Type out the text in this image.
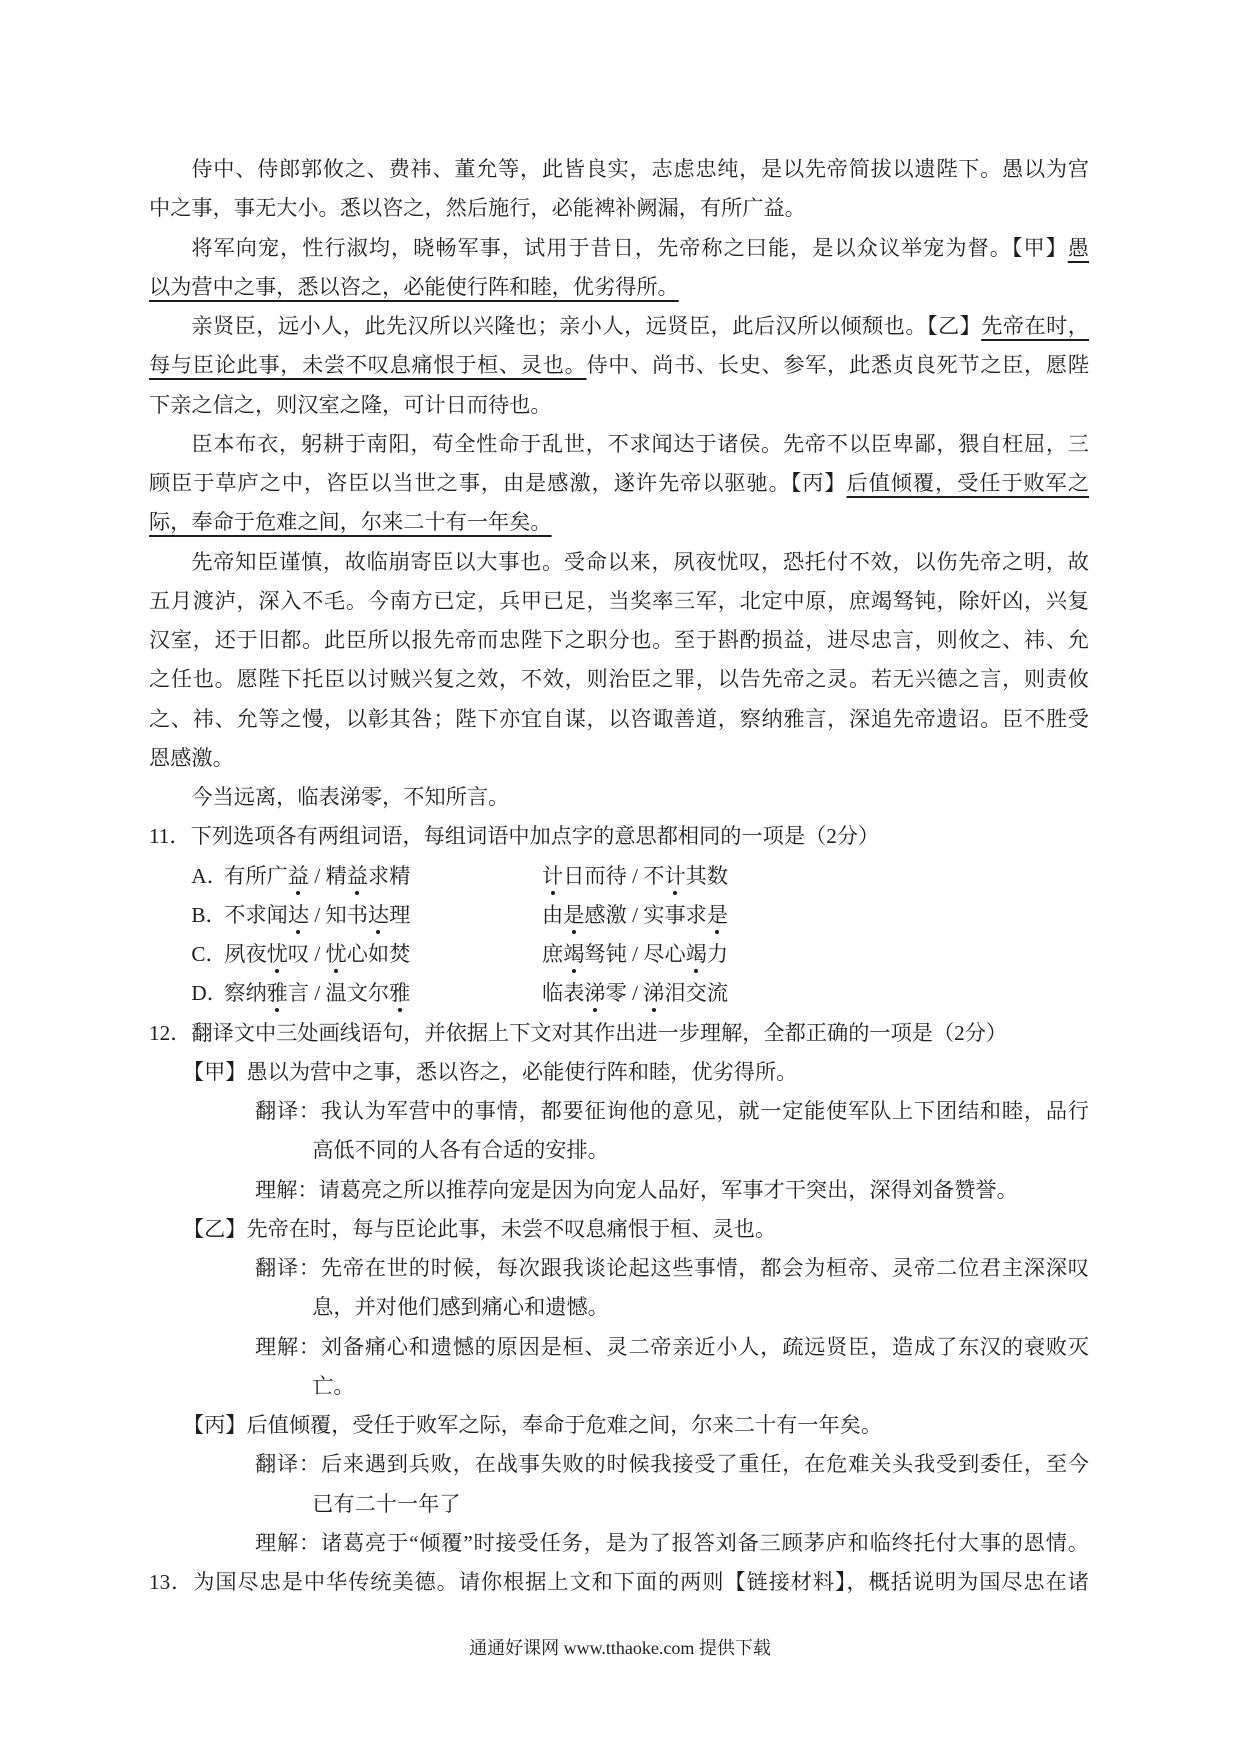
侍中、侍郎郭攸之、费祎、董允等，此皆良实，志虑忠纯，是以先帝简拔以遗陛下。愚以为宫
中之事，事无大小。悉以咨之，然后施行，必能裨补阙漏，有所广益。
将军向宠，性行淑均，晓畅军事，试用于昔日，先帝称之曰能，是以众议举宠为督。【甲】愚
以为营中之事，悉以咨之，必能使行阵和睦，优劣得所。
亲贤臣，远小人，此先汉所以兴隆也；亲小人，远贤臣，此后汉所以倾颓也。【乙】先帝在时，
每与臣论此事，未尝不叹息痛恨于桓、灵也。侍中、尚书、长史、参军，此悉贞良死节之臣，愿陛
下亲之信之，则汉室之隆，可计日而待也。
臣本布衣，躬耕于南阳，苟全性命于乱世，不求闻达于诸侯。先帝不以臣卑鄙，猥自枉屈，三
顾臣于草庐之中，咨臣以当世之事，由是感激，遂许先帝以驱驰。【丙】后值倾覆，受任于败军之
际，奉命于危难之间，尔来二十有一年矣。
先帝知臣谨慎，故临崩寄臣以大事也。受命以来，夙夜忧叹，恐托付不效，以伤先帝之明，故
五月渡泸，深入不毛。今南方已定，兵甲已足，当奖率三军，北定中原，庶竭驽钝，除奸凶，兴复
汉室，还于旧都。此臣所以报先帝而忠陛下之职分也。至于斟酌损益，进尽忠言，则攸之、祎、允
之任也。愿陛下托臣以讨贼兴复之效，不效，则治臣之罪，以告先帝之灵。若无兴德之言，则责攸
之、祎、允等之慢，以彰其咎；陛下亦宜自谋，以咨诹善道，察纳雅言，深追先帝遗诏。臣不胜受
恩感激。
今当远离，临表涕零，不知所言。
11．下列选项各有两组词语，每组词语中加点字的意思都相同的一项是（2分）
A．有所广益 / 精益求精	计日而待 / 不计其数
B．不求闻达 / 知书达理	由是感激 / 实事求是
C．夙夜忧叹 / 忧心如焚	庶竭驽钝 / 尽心竭力
D．察纳雅言 / 温文尔雅	临表涕零 / 涕泪交流
12．翻译文中三处画线语句，并依据上下文对其作出进一步理解，全都正确的一项是（2分）
【甲】愚以为营中之事，悉以咨之，必能使行阵和睦，优劣得所。
翻译：我认为军营中的事情，都要征询他的意见，就一定能使军队上下团结和睦，品行
高低不同的人各有合适的安排。
理解：请葛亮之所以推荐向宠是因为向宠人品好，军事才干突出，深得刘备赞誉。
【乙】先帝在时，每与臣论此事，未尝不叹息痛恨于桓、灵也。
翻译：先帝在世的时候，每次跟我谈论起这些事情，都会为桓帝、灵帝二位君主深深叹
息，并对他们感到痛心和遗憾。
理解：刘备痛心和遗憾的原因是桓、灵二帝亲近小人，疏远贤臣，造成了东汉的衰败灭
亡。
【丙】后值倾覆，受任于败军之际，奉命于危难之间，尔来二十有一年矣。
翻译：后来遇到兵败，在战事失败的时候我接受了重任，在危难关头我受到委任，至今
已有二十一年了
理解：诸葛亮于“倾覆”时接受任务，是为了报答刘备三顾茅庐和临终托付大事的恩情。
13．为国尽忠是中华传统美德。请你根据上文和下面的两则【链接材料】，概括说明为国尽忠在诸
通通好课网 www.tthaoke.com 提供下载
